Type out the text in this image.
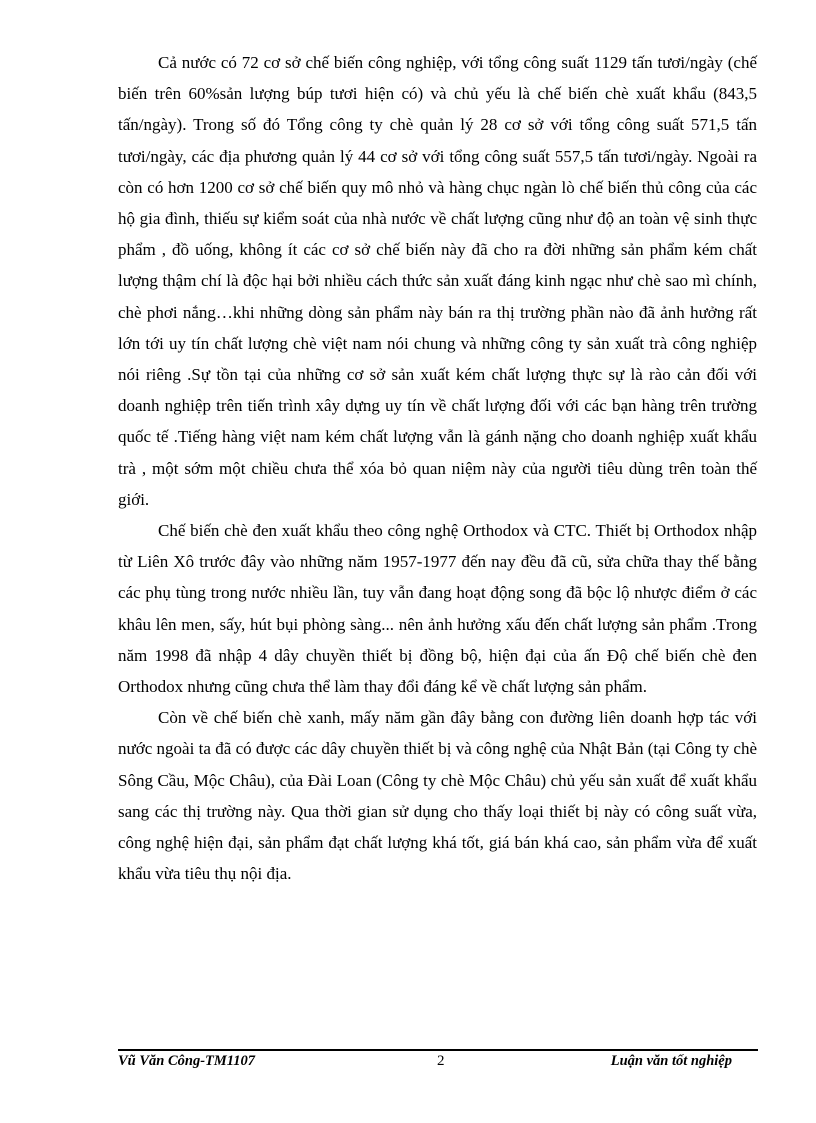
Cả nước có 72 cơ sở chế biến công nghiệp, với tổng công suất 1129 tấn tươi/ngày (chế biến trên 60%sản lượng búp tươi hiện có) và chủ yếu là chế biến chè xuất khẩu (843,5 tấn/ngày). Trong số đó Tổng công ty chè quản lý 28 cơ sở với tổng công suất 571,5 tấn tươi/ngày, các địa phương quản lý 44 cơ sở với tổng công suất 557,5 tấn tươi/ngày. Ngoài ra còn có hơn 1200 cơ sở chế biến quy mô nhỏ và hàng chục ngàn lò chế biến thủ công của các hộ gia đình, thiếu sự kiểm soát của nhà nước về chất lượng cũng như độ an toàn vệ sinh thực phẩm , đồ uống, không ít các cơ sở chế biến này đã cho ra đời những sản phẩm kém chất lượng thậm chí là độc hại bởi nhiều cách thức sản xuất đáng kinh ngạc như chè sao mì chính, chè phơi nắng…khi những dòng sản phẩm này bán ra thị trường phần nào đã ảnh hưởng rất lớn tới uy tín chất lượng chè việt nam nói chung và những công ty sản xuất trà công nghiệp nói riêng .Sự tồn tại của những cơ sở sản xuất kém chất lượng thực sự là rào cản đối với doanh nghiệp trên tiến trình xây dựng uy tín về chất lượng đối với các bạn hàng trên trường quốc tế .Tiếng hàng việt nam kém chất lượng vẫn là gánh nặng cho doanh nghiệp xuất khẩu trà , một sớm một chiều chưa thể xóa bỏ quan niệm này của người tiêu dùng trên toàn thế giới.

Chế biến chè đen xuất khẩu theo công nghệ Orthodox và CTC. Thiết bị Orthodox nhập từ Liên Xô trước đây vào những năm 1957-1977 đến nay đều đã cũ, sửa chữa thay thế bằng các phụ tùng trong nước nhiều lần, tuy vẫn đang hoạt động song đã bộc lộ nhược điểm ở các khâu lên men, sấy, hút bụi phòng sàng... nên ảnh hưởng xấu đến chất lượng sản phẩm .Trong năm 1998 đã nhập 4 dây chuyền thiết bị đồng bộ, hiện đại của ấn Độ chế biến chè đen Orthodox nhưng cũng chưa thể làm thay đổi đáng kể về chất lượng sản phẩm.

Còn về chế biến chè xanh, mấy năm gần đây bằng con đường liên doanh hợp tác với nước ngoài ta đã có được các dây chuyền thiết bị và công nghệ của Nhật Bản (tại Công ty chè Sông Cầu, Mộc Châu), của Đài Loan (Công ty chè Mộc Châu) chủ yếu sản xuất để xuất khẩu sang các thị trường này. Qua thời gian sử dụng cho thấy loại thiết bị này có công suất vừa, công nghệ hiện đại, sản phẩm đạt chất lượng khá tốt, giá bán khá cao, sản phẩm vừa để xuất khẩu vừa tiêu thụ nội địa.

Vũ Văn Công-TM1107	2	Luận văn tốt nghiệp
